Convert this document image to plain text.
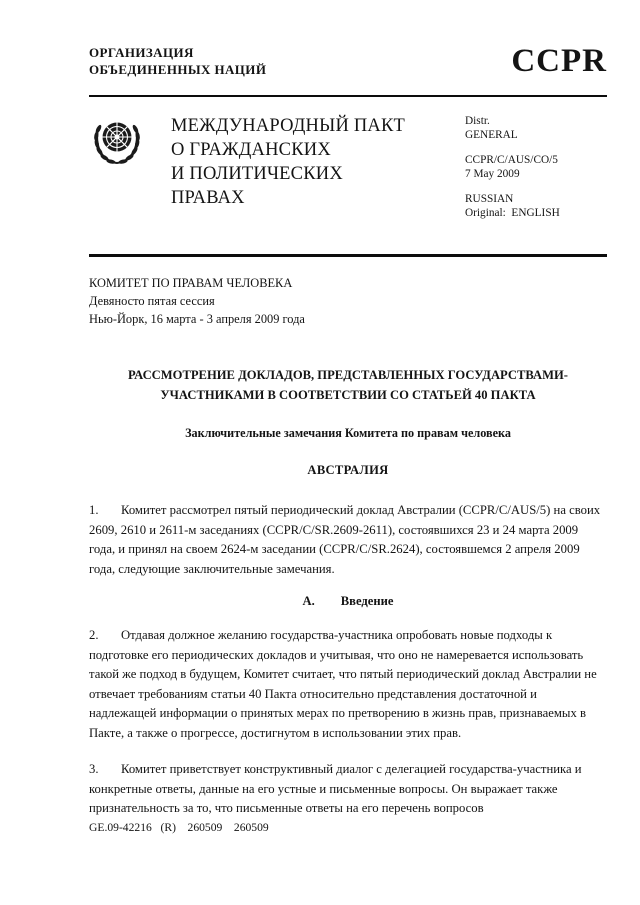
ОРГАНИЗАЦИЯ
ОБЪЕДИНЕННЫХ НАЦИЙ	CCPR
МЕЖДУНАРОДНЫЙ ПАКТ
О ГРАЖДАНСКИХ
И ПОЛИТИЧЕСКИХ
ПРАВАХ
Distr.
GENERAL
CCPR/C/AUS/CO/5
7 May 2009
RUSSIAN
Original:  ENGLISH
КОМИТЕТ ПО ПРАВАМ ЧЕЛОВЕКА
Девяносто пятая сессия
Нью-Йорк, 16 марта - 3 апреля 2009 года
РАССМОТРЕНИЕ ДОКЛАДОВ, ПРЕДСТАВЛЕННЫХ ГОСУДАРСТВАМИ-
УЧАСТНИКАМИ В СООТВЕТСТВИИ СО СТАТЬЕЙ 40 ПАКТА
Заключительные замечания Комитета по правам человека
АВСТРАЛИЯ
1. Комитет рассмотрел пятый периодический доклад Австралии (CCPR/C/AUS/5) на своих 2609, 2610 и 2611-м заседаниях (CCPR/C/SR.2609-2611), состоявшихся 23 и 24 марта 2009 года, и принял на своем 2624-м заседании (CCPR/C/SR.2624), состоявшемся 2 апреля 2009 года, следующие заключительные замечания.
A. Введение
2. Отдавая должное желанию государства-участника опробовать новые подходы к подготовке его периодических докладов и учитывая, что оно не намеревается использовать такой же подход в будущем, Комитет считает, что пятый периодический доклад Австралии не отвечает требованиям статьи 40 Пакта относительно представления достаточной и надлежащей информации о принятых мерах по претворению в жизнь прав, признаваемых в Пакте, а также о прогрессе, достигнутом в использовании этих прав.
3. Комитет приветствует конструктивный диалог с делегацией государства-участника и конкретные ответы, данные на его устные и письменные вопросы. Он выражает также признательность за то, что письменные ответы на его перечень вопросов
GE.09-42216   (R)    260509    260509
